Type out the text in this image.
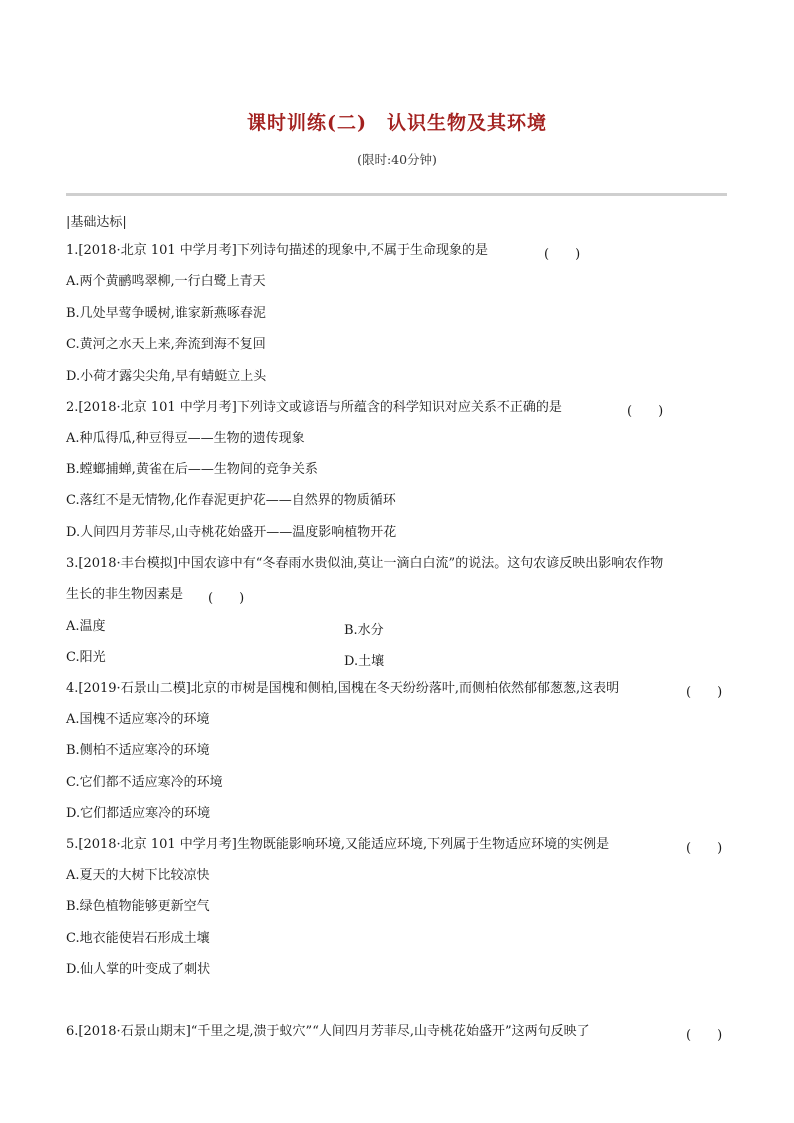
课时训练(二)　认识生物及其环境
(限时:40分钟)
|基础达标|
1.[2018·北京 101 中学月考]下列诗句描述的现象中,不属于生命现象的是	(　　)
A.两个黄鹂鸣翠柳,一行白鹭上青天
B.几处早莺争暖树,谁家新燕啄春泥
C.黄河之水天上来,奔流到海不复回
D.小荷才露尖尖角,早有蜻蜓立上头
2.[2018·北京 101 中学月考]下列诗文或谚语与所蕴含的科学知识对应关系不正确的是	(　　)
A.种瓜得瓜,种豆得豆——生物的遗传现象
B.螳螂捕蝉,黄雀在后——生物间的竞争关系
C.落红不是无情物,化作春泥更护花——自然界的物质循环
D.人间四月芳菲尽,山寺桃花始盛开——温度影响植物开花
3.[2018·丰台模拟]中国农谚中有“冬春雨水贵似油,莫让一滴白白流”的说法。这句农谚反映出影响农作物
生长的非生物因素是 (　　)
A.温度	B.水分
C.阳光	D.土壤
4.[2019·石景山二模]北京的市树是国槐和侧柏,国槐在冬天纷纷落叶,而侧柏依然郁郁葱葱,这表明	(　　)
A.国槐不适应寒冷的环境
B.侧柏不适应寒冷的环境
C.它们都不适应寒冷的环境
D.它们都适应寒冷的环境
5.[2018·北京 101 中学月考]生物既能影响环境,又能适应环境,下列属于生物适应环境的实例是	(　　)
A.夏天的大树下比较凉快
B.绿色植物能够更新空气
C.地衣能使岩石形成土壤
D.仙人掌的叶变成了刺状
6.[2018·石景山期末]“千里之堤,溃于蚁穴”“人间四月芳菲尽,山寺桃花始盛开”这两句反映了	(　　)
